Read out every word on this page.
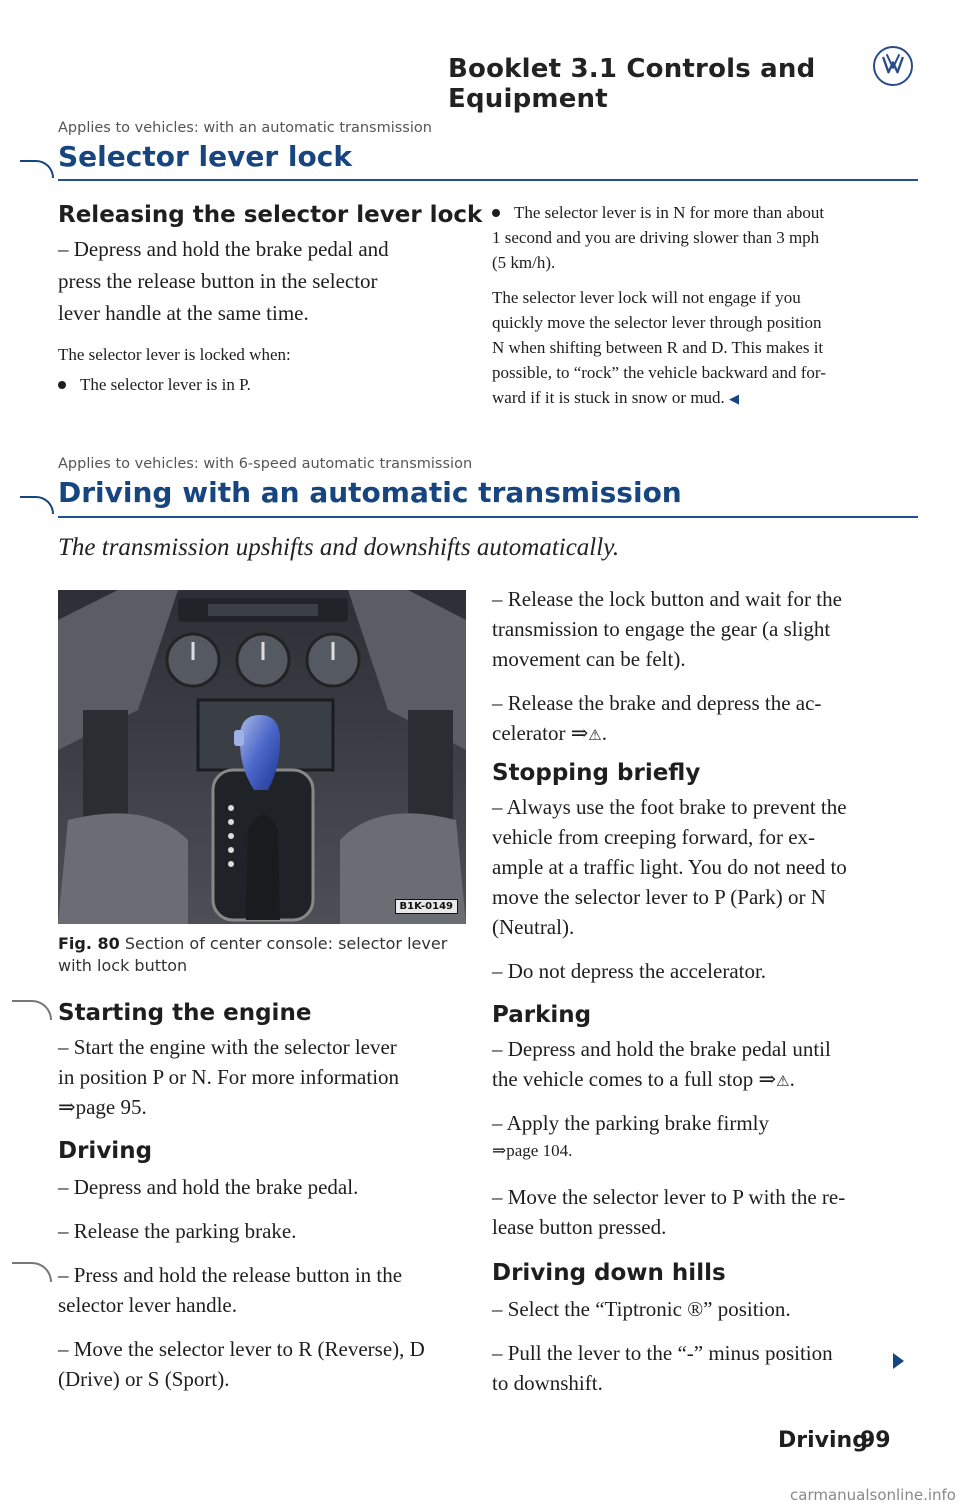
Booklet 3.1 Controls and Equipment
Applies to vehicles: with an automatic transmission
Selector lever lock
Releasing the selector lever lock
– Depress and hold the brake pedal and
press the release button in the selector
lever handle at the same time.
The selector lever is locked when:
The selector lever is in P.
The selector lever is in N for more than about
1 second and you are driving slower than 3 mph
(5 km/h).
The selector lever lock will not engage if you
quickly move the selector lever through position
N when shifting between R and D. This makes it
possible, to “rock” the vehicle backward and for-
ward if it is stuck in snow or mud. ◀
Applies to vehicles: with 6-speed automatic transmission
Driving with an automatic transmission
The transmission upshifts and downshifts automatically.
B1K-0149
Fig. 80 Section of center console: selector lever
with lock button
Starting the engine
– Start the engine with the selector lever
in position P or N. For more information
⇒page 95.
Driving
– Depress and hold the brake pedal.
– Release the parking brake.
– Press and hold the release button in the
selector lever handle.
– Move the selector lever to R (Reverse), D
(Drive) or S (Sport).
– Release the lock button and wait for the
transmission to engage the gear (a slight
movement can be felt).
– Release the brake and depress the ac-
celerator ⇒⚠.
Stopping briefly
– Always use the foot brake to prevent the
vehicle from creeping forward, for ex-
ample at a traffic light. You do not need to
move the selector lever to P (Park) or N
(Neutral).
– Do not depress the accelerator.
Parking
– Depress and hold the brake pedal until
the vehicle comes to a full stop ⇒⚠.
– Apply the parking brake firmly
⇒page 104.
– Move the selector lever to P with the re-
lease button pressed.
Driving down hills
– Select the “Tiptronic ®” position.
– Pull the lever to the “-” minus position
to downshift.
Driving
99
carmanualsonline.info
